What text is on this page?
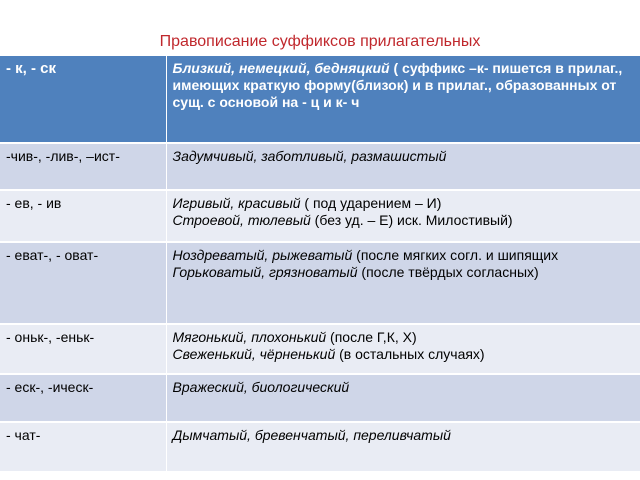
Правописание суффиксов прилагательных
- к, - ск	Близкий, немецкий, бедняцкий ( суффикс –к- пишется в прилаг., имеющих краткую форму(близок) и в прилаг., образованных от сущ. с основой на - ц и к- ч
-чив-, -лив-, –ист-	Задумчивый, заботливый, размашистый
- ев, - ив	Игривый, красивый ( под ударением – И)
Строевой, тюлевый (без уд. – Е) иск. Милостивый)

- еват-, - оват-	Ноздреватый, рыжеватый (после мягких согл. и шипящих
Горьковатый, грязноватый (после твёрдых согласных)

- оньк-, -еньк-	Мягонький, плохонький (после Г,К, Х)
Свеженький, чёрненький (в остальных случаях)

- еск-, -ическ-	Вражеский, биологический
- чат-	Дымчатый, бревенчатый, переливчатый
